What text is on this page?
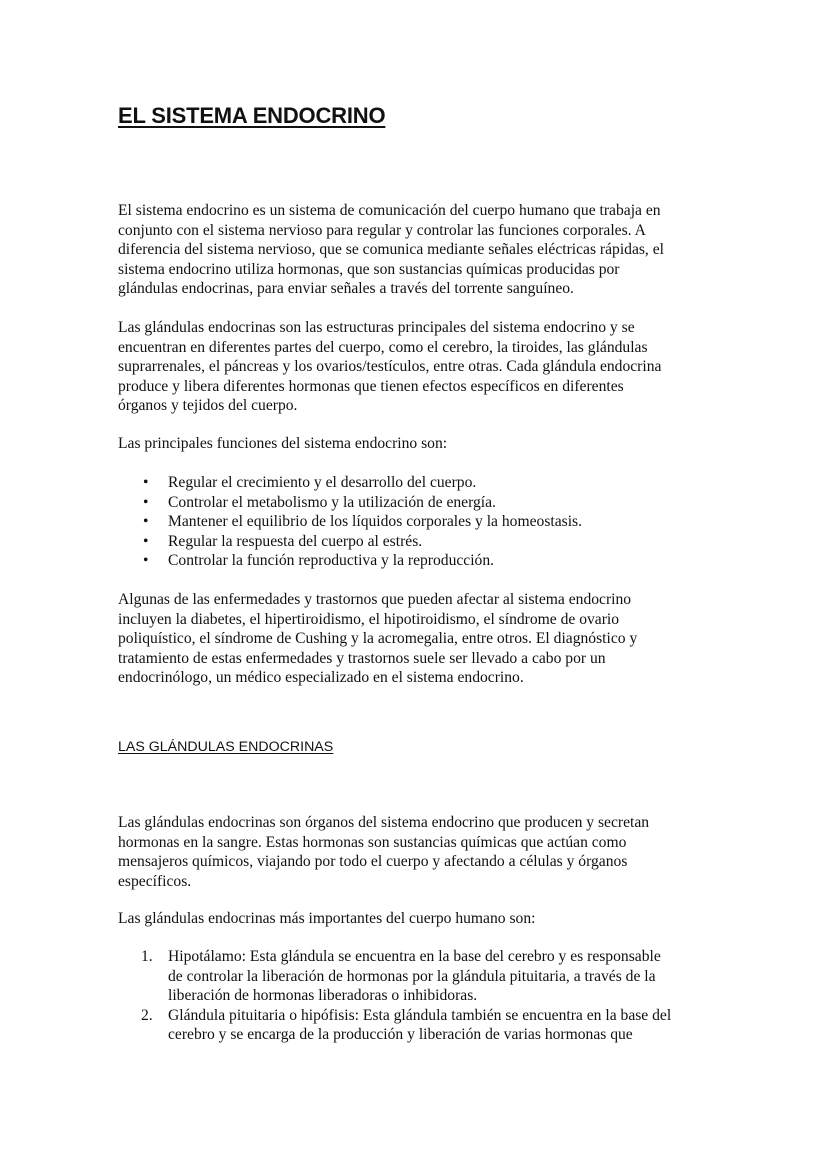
EL SISTEMA ENDOCRINO

El sistema endocrino es un sistema de comunicación del cuerpo humano que trabaja en
conjunto con el sistema nervioso para regular y controlar las funciones corporales. A
diferencia del sistema nervioso, que se comunica mediante señales eléctricas rápidas, el
sistema endocrino utiliza hormonas, que son sustancias químicas producidas por
glándulas endocrinas, para enviar señales a través del torrente sanguíneo.

Las glándulas endocrinas son las estructuras principales del sistema endocrino y se
encuentran en diferentes partes del cuerpo, como el cerebro, la tiroides, las glándulas
suprarrenales, el páncreas y los ovarios/testículos, entre otras. Cada glándula endocrina
produce y libera diferentes hormonas que tienen efectos específicos en diferentes
órganos y tejidos del cuerpo.

Las principales funciones del sistema endocrino son:

• Regular el crecimiento y el desarrollo del cuerpo.
• Controlar el metabolismo y la utilización de energía.
• Mantener el equilibrio de los líquidos corporales y la homeostasis.
• Regular la respuesta del cuerpo al estrés.
• Controlar la función reproductiva y la reproducción.

Algunas de las enfermedades y trastornos que pueden afectar al sistema endocrino
incluyen la diabetes, el hipertiroidismo, el hipotiroidismo, el síndrome de ovario
poliquístico, el síndrome de Cushing y la acromegalia, entre otros. El diagnóstico y
tratamiento de estas enfermedades y trastornos suele ser llevado a cabo por un
endocrinólogo, un médico especializado en el sistema endocrino.

LAS GLÁNDULAS ENDOCRINAS

Las glándulas endocrinas son órganos del sistema endocrino que producen y secretan
hormonas en la sangre. Estas hormonas son sustancias químicas que actúan como
mensajeros químicos, viajando por todo el cuerpo y afectando a células y órganos
específicos.

Las glándulas endocrinas más importantes del cuerpo humano son:

1. Hipotálamo: Esta glándula se encuentra en la base del cerebro y es responsable
de controlar la liberación de hormonas por la glándula pituitaria, a través de la
liberación de hormonas liberadoras o inhibidoras.
2. Glándula pituitaria o hipófisis: Esta glándula también se encuentra en la base del
cerebro y se encarga de la producción y liberación de varias hormonas que
